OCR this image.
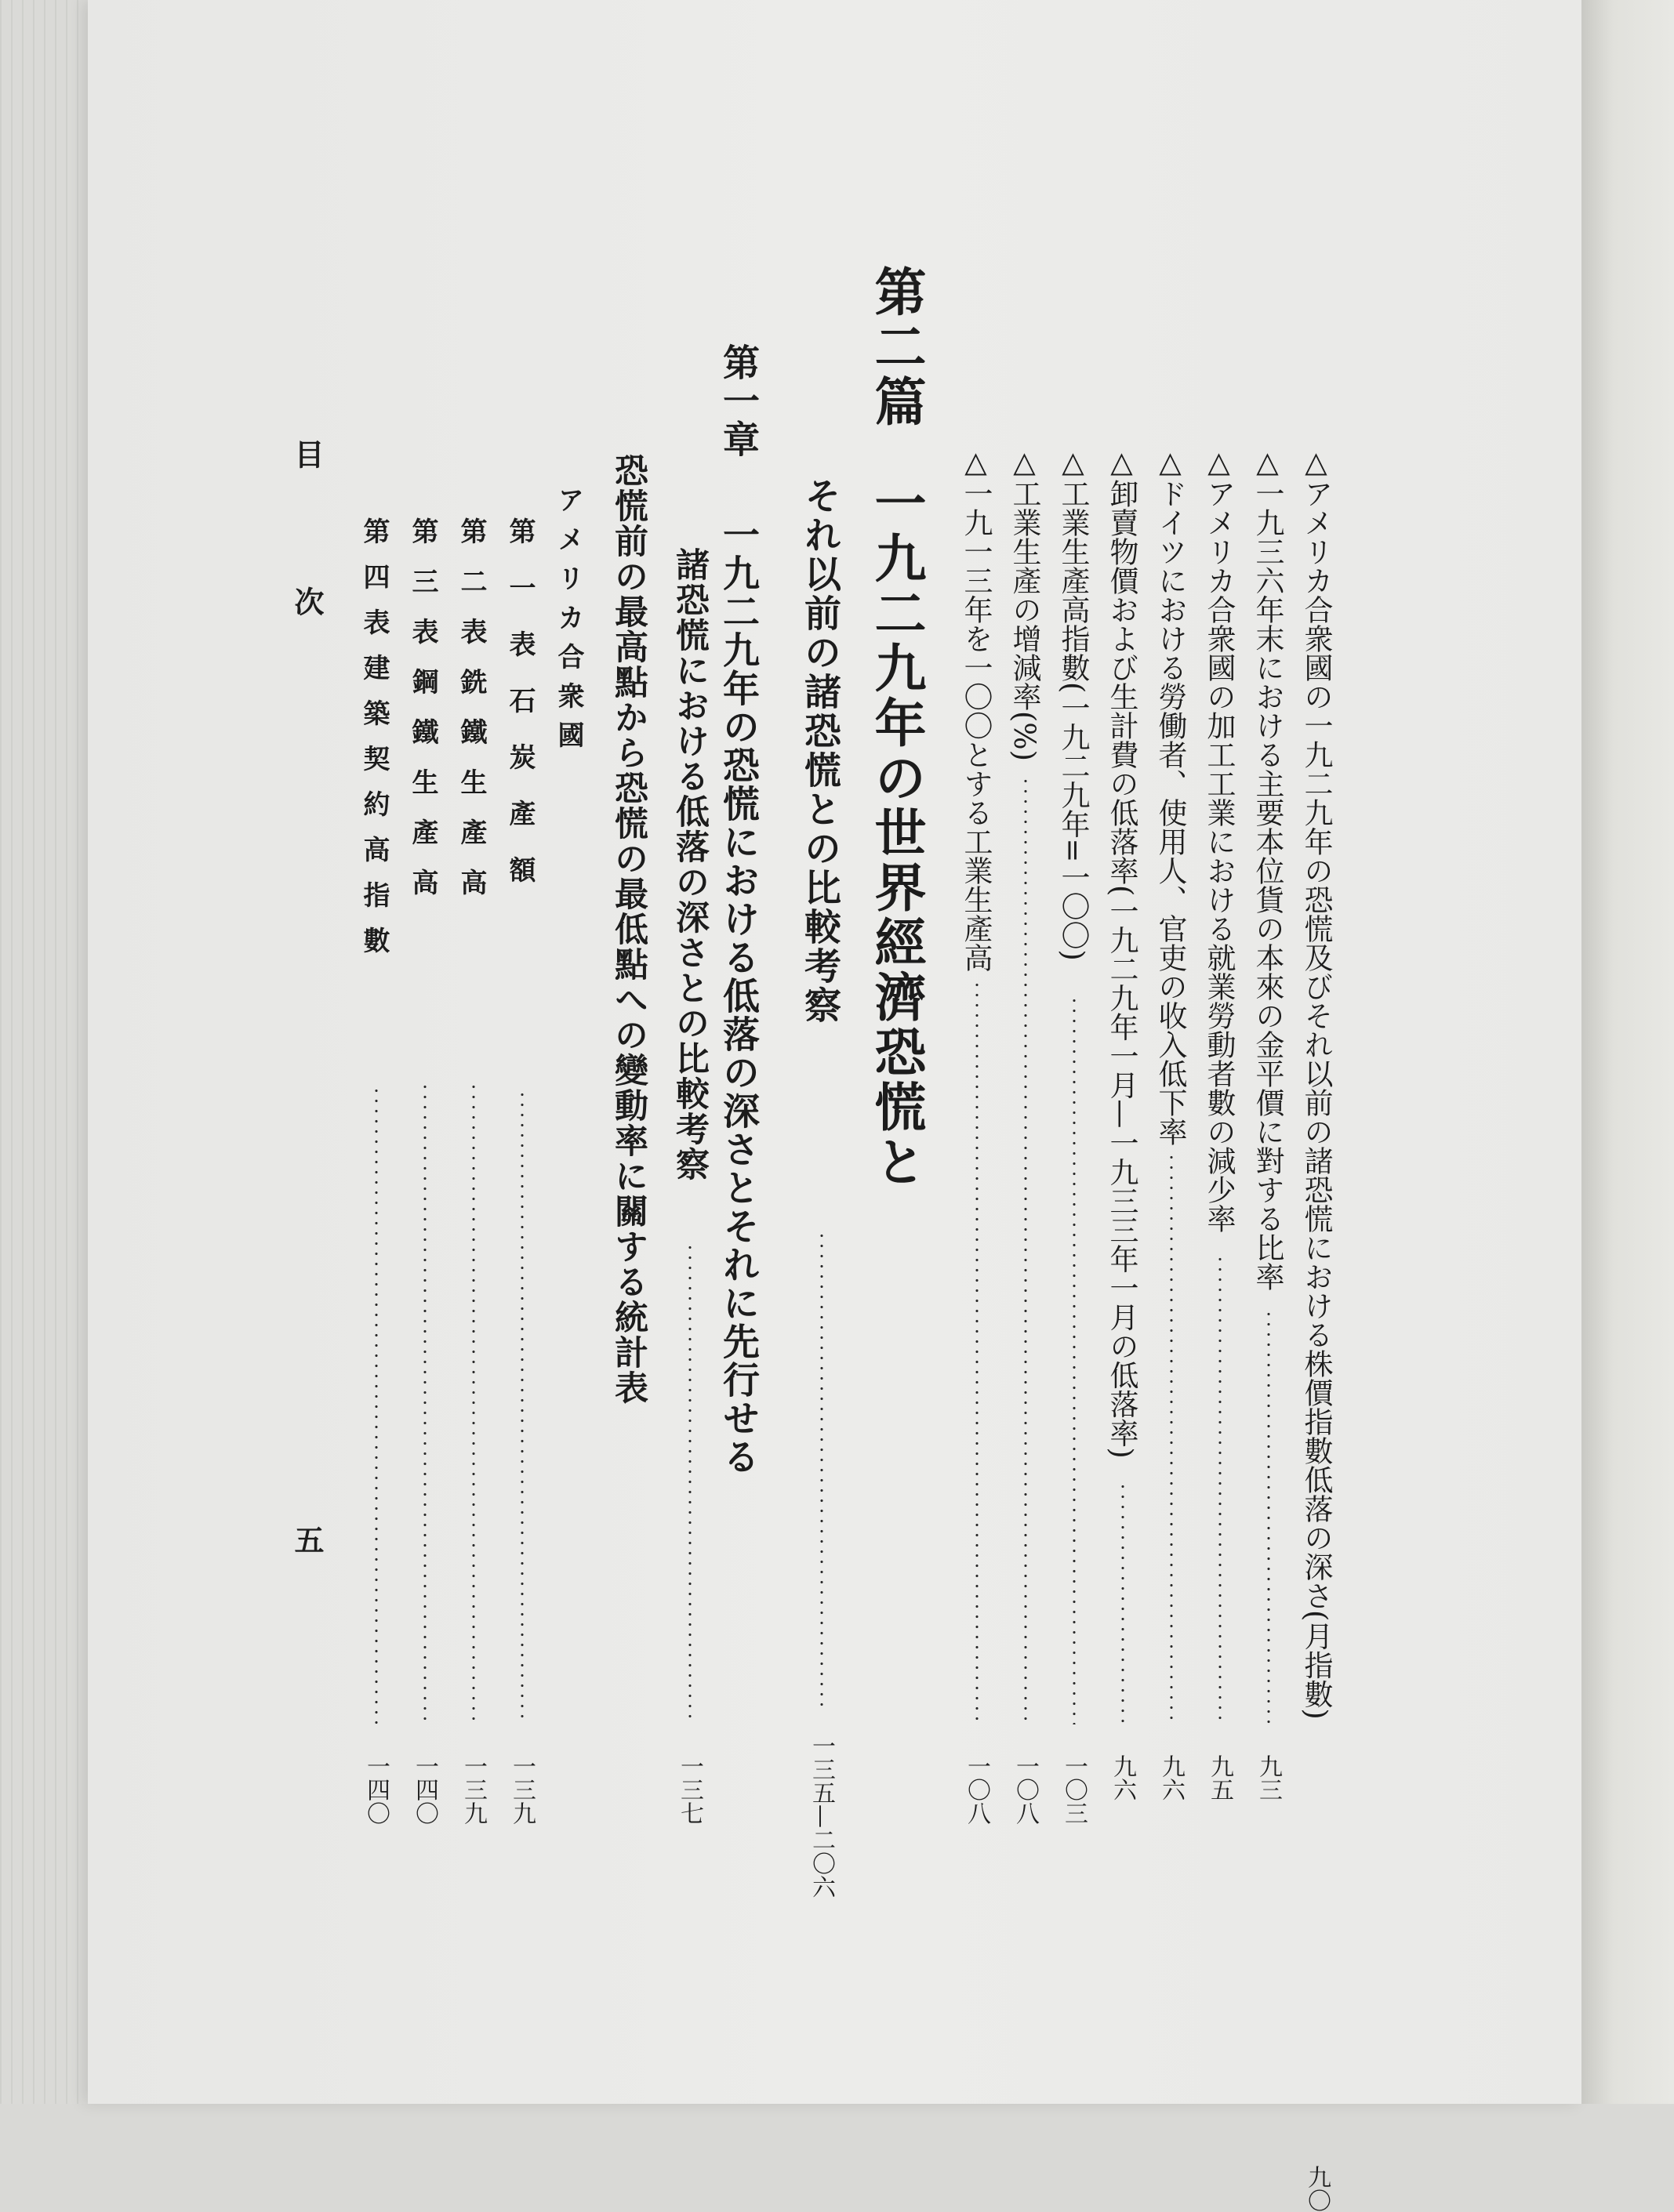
△アメリカ合衆國の一九二九年の恐慌及びそれ以前の諸恐慌における株價指數低落の深さ(月指數)
九〇
△一九三六年末における主要本位貨の本來の金平價に對する比率
九三
△アメリカ合衆國の加工工業における就業勞動者數の減少率
九五
△ドイツにおける勞働者、使用人、官吏の收入低下率
九六
△卸賣物價および生計費の低落率(一九二九年一月—一九三三年一月の低落率)
九六
△工業生產高指數(一九二九年=一〇〇)
一〇三
△工業生產の增減率(%)
一〇八
△一九一三年を一〇〇とする工業生產高
一〇八
第二篇
一九二九年の世界經濟恐慌と
それ以前の諸恐慌との比較考察
一三五—二〇六
第一章
一九二九年の恐慌における低落の深さとそれに先行せる
諸恐慌における低落の深さとの比較考察
一三七
恐慌前の最高點から恐慌の最低點への變動率に關する統計表
アメリカ合衆國
第一表石炭產額
一三九
第二表銑鐵生產高
一三九
第三表鋼鐵生產高
一四〇
第四表建築契約高指數
一四〇
目次
五
